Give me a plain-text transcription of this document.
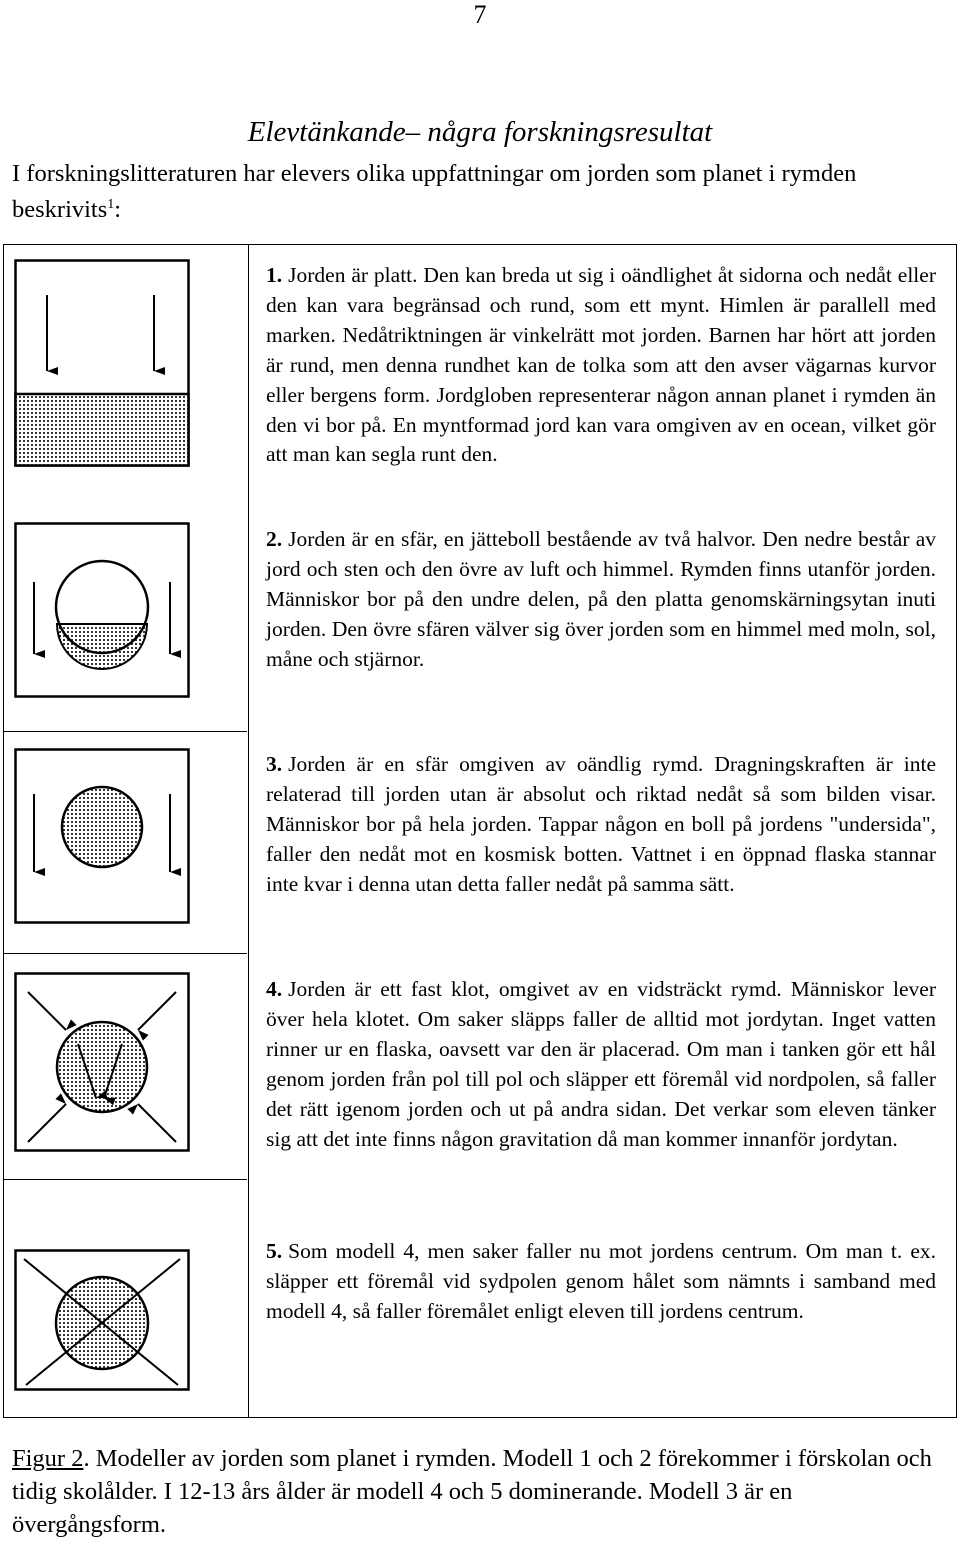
7
Elevtänkande– några forskningsresultat
I forskningslitteraturen har elevers olika uppfattningar om jorden som planet i rymden beskrivits$^1$:
1. Jorden är platt. Den kan breda ut sig i oändlighet åt sidorna och nedåt eller den kan vara begränsad och rund, som ett mynt. Himlen är parallell med marken. Nedåtriktningen är vinkelrätt mot jorden. Barnen har hört att jorden är rund, men denna rundhet kan de tolka som att den avser vägarnas kurvor eller bergens form. Jordgloben representerar någon annan planet i rymden än den vi bor på. En myntformad jord kan vara omgiven av en ocean, vilket gör att man kan segla runt den.
2. Jorden är en sfär, en jätteboll bestående av två halvor. Den nedre består av jord och sten och den övre av luft och himmel. Rymden finns utanför jorden. Människor bor på den undre delen, på den platta genomskärningsytan inuti jorden. Den övre sfären välver sig över jorden som en himmel med moln, sol, måne och stjärnor.
3. Jorden är en sfär omgiven av oändlig rymd. Dragningskraften är inte relaterad till jorden utan är absolut och riktad nedåt så som bilden visar. Människor bor på hela jorden. Tappar någon en boll på jordens "undersida", faller den nedåt mot en kosmisk botten. Vattnet i en öppnad flaska stannar inte kvar i denna utan detta faller nedåt på samma sätt.
4. Jorden är ett fast klot, omgivet av en vidsträckt rymd. Människor lever över hela klotet. Om saker släpps faller de alltid mot jordytan. Inget vatten rinner ur en flaska, oavsett var den är placerad. Om man i tanken gör ett hål genom jorden från pol till pol och släpper ett föremål vid nordpolen, så faller det rätt igenom jorden och ut på andra sidan. Det verkar som eleven tänker sig att det inte finns någon gravitation då man kommer innanför jordytan.
5. Som modell 4, men saker faller nu mot jordens centrum. Om man t. ex. släpper ett föremål vid sydpolen genom hålet som nämnts i samband med modell 4, så faller föremålet enligt eleven till jordens centrum.
Figur 2. Modeller av jorden som planet i rymden. Modell 1 och 2 förekommer i förskolan och tidig skolålder. I 12-13 års ålder är modell 4 och 5 dominerande. Modell 3 är en övergångsform.
